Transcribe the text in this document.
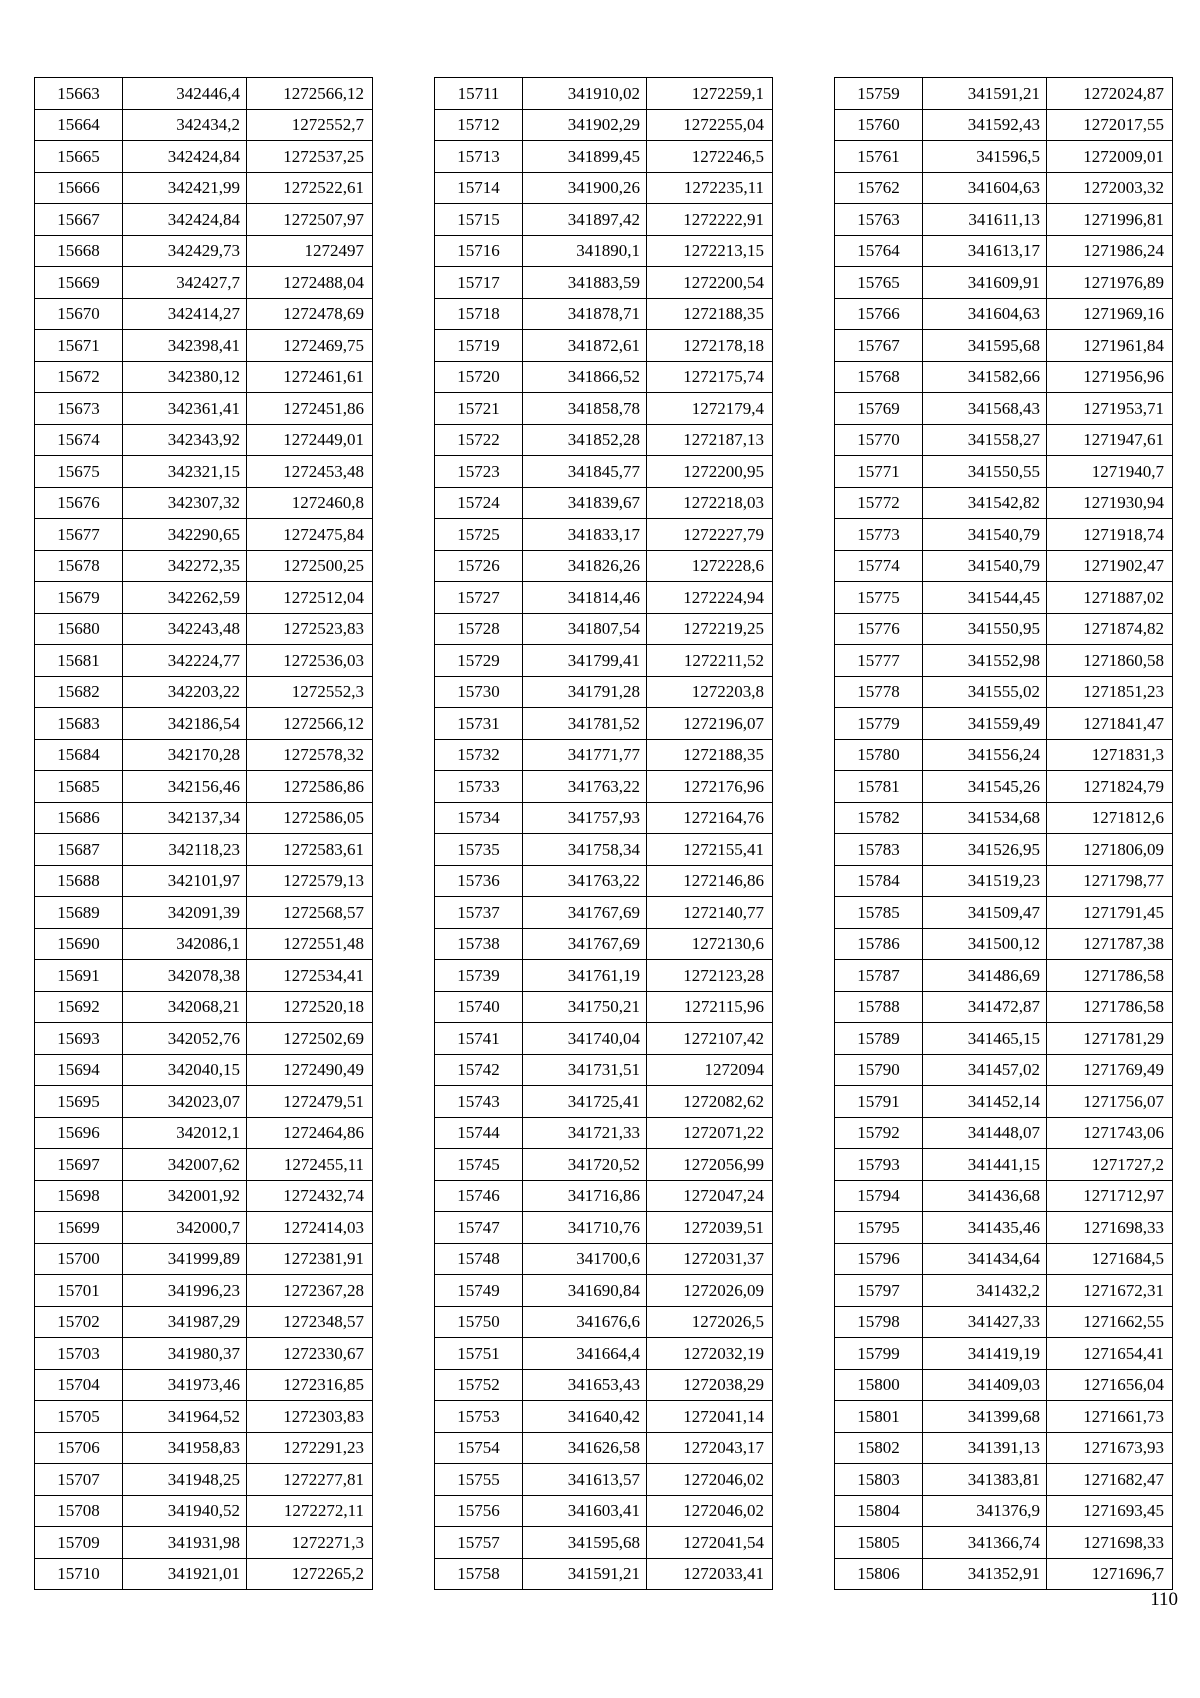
15663	342446,4	1272566,12
15664	342434,2	1272552,7
15665	342424,84	1272537,25
15666	342421,99	1272522,61
15667	342424,84	1272507,97
15668	342429,73	1272497
15669	342427,7	1272488,04
15670	342414,27	1272478,69
15671	342398,41	1272469,75
15672	342380,12	1272461,61
15673	342361,41	1272451,86
15674	342343,92	1272449,01
15675	342321,15	1272453,48
15676	342307,32	1272460,8
15677	342290,65	1272475,84
15678	342272,35	1272500,25
15679	342262,59	1272512,04
15680	342243,48	1272523,83
15681	342224,77	1272536,03
15682	342203,22	1272552,3
15683	342186,54	1272566,12
15684	342170,28	1272578,32
15685	342156,46	1272586,86
15686	342137,34	1272586,05
15687	342118,23	1272583,61
15688	342101,97	1272579,13
15689	342091,39	1272568,57
15690	342086,1	1272551,48
15691	342078,38	1272534,41
15692	342068,21	1272520,18
15693	342052,76	1272502,69
15694	342040,15	1272490,49
15695	342023,07	1272479,51
15696	342012,1	1272464,86
15697	342007,62	1272455,11
15698	342001,92	1272432,74
15699	342000,7	1272414,03
15700	341999,89	1272381,91
15701	341996,23	1272367,28
15702	341987,29	1272348,57
15703	341980,37	1272330,67
15704	341973,46	1272316,85
15705	341964,52	1272303,83
15706	341958,83	1272291,23
15707	341948,25	1272277,81
15708	341940,52	1272272,11
15709	341931,98	1272271,3
15710	341921,01	1272265,2
15711	341910,02	1272259,1
15712	341902,29	1272255,04
15713	341899,45	1272246,5
15714	341900,26	1272235,11
15715	341897,42	1272222,91
15716	341890,1	1272213,15
15717	341883,59	1272200,54
15718	341878,71	1272188,35
15719	341872,61	1272178,18
15720	341866,52	1272175,74
15721	341858,78	1272179,4
15722	341852,28	1272187,13
15723	341845,77	1272200,95
15724	341839,67	1272218,03
15725	341833,17	1272227,79
15726	341826,26	1272228,6
15727	341814,46	1272224,94
15728	341807,54	1272219,25
15729	341799,41	1272211,52
15730	341791,28	1272203,8
15731	341781,52	1272196,07
15732	341771,77	1272188,35
15733	341763,22	1272176,96
15734	341757,93	1272164,76
15735	341758,34	1272155,41
15736	341763,22	1272146,86
15737	341767,69	1272140,77
15738	341767,69	1272130,6
15739	341761,19	1272123,28
15740	341750,21	1272115,96
15741	341740,04	1272107,42
15742	341731,51	1272094
15743	341725,41	1272082,62
15744	341721,33	1272071,22
15745	341720,52	1272056,99
15746	341716,86	1272047,24
15747	341710,76	1272039,51
15748	341700,6	1272031,37
15749	341690,84	1272026,09
15750	341676,6	1272026,5
15751	341664,4	1272032,19
15752	341653,43	1272038,29
15753	341640,42	1272041,14
15754	341626,58	1272043,17
15755	341613,57	1272046,02
15756	341603,41	1272046,02
15757	341595,68	1272041,54
15758	341591,21	1272033,41
15759	341591,21	1272024,87
15760	341592,43	1272017,55
15761	341596,5	1272009,01
15762	341604,63	1272003,32
15763	341611,13	1271996,81
15764	341613,17	1271986,24
15765	341609,91	1271976,89
15766	341604,63	1271969,16
15767	341595,68	1271961,84
15768	341582,66	1271956,96
15769	341568,43	1271953,71
15770	341558,27	1271947,61
15771	341550,55	1271940,7
15772	341542,82	1271930,94
15773	341540,79	1271918,74
15774	341540,79	1271902,47
15775	341544,45	1271887,02
15776	341550,95	1271874,82
15777	341552,98	1271860,58
15778	341555,02	1271851,23
15779	341559,49	1271841,47
15780	341556,24	1271831,3
15781	341545,26	1271824,79
15782	341534,68	1271812,6
15783	341526,95	1271806,09
15784	341519,23	1271798,77
15785	341509,47	1271791,45
15786	341500,12	1271787,38
15787	341486,69	1271786,58
15788	341472,87	1271786,58
15789	341465,15	1271781,29
15790	341457,02	1271769,49
15791	341452,14	1271756,07
15792	341448,07	1271743,06
15793	341441,15	1271727,2
15794	341436,68	1271712,97
15795	341435,46	1271698,33
15796	341434,64	1271684,5
15797	341432,2	1271672,31
15798	341427,33	1271662,55
15799	341419,19	1271654,41
15800	341409,03	1271656,04
15801	341399,68	1271661,73
15802	341391,13	1271673,93
15803	341383,81	1271682,47
15804	341376,9	1271693,45
15805	341366,74	1271698,33
15806	341352,91	1271696,7
110
